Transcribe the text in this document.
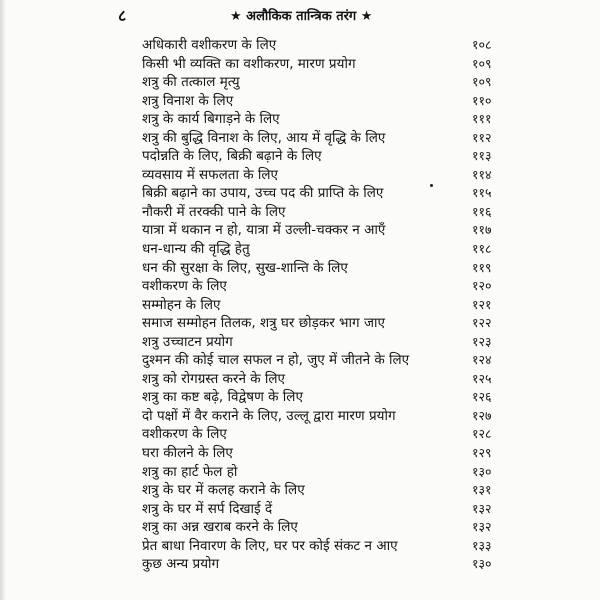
८	★ अलौकिक तान्त्रिक तरंग ★
अधिकारी वशीकरण के लिए	१०८
किसी भी व्यक्ति का वशीकरण, मारण प्रयोग	१०९
शत्रु की तत्काल मृत्यु	१०९
शत्रु विनाश के लिए	११०
शत्रु के कार्य बिगाड़ने के लिए	१११
शत्रु की बुद्धि विनाश के लिए, आय में वृद्धि के लिए	११२
पदोन्नति के लिए, बिक्री बढ़ाने के लिए	११३
व्यवसाय में सफलता के लिए	११४
बिक्री बढ़ाने का उपाय, उच्च पद की प्राप्ति के लिए	११५
नौकरी में तरक्की पाने के लिए	११६
यात्रा में थकान न हो, यात्रा में उल्ली-चक्कर न आएँ	११७
धन-धान्य की वृद्धि हेतु	११८
धन की सुरक्षा के लिए, सुख-शान्ति के लिए	११९
वशीकरण के लिए	१२०
सम्मोहन के लिए	१२१
समाज सम्मोहन तिलक, शत्रु घर छोड़कर भाग जाए	१२२
शत्रु उच्चाटन प्रयोग	१२३
दुश्मन की कोई चाल सफल न हो, जुए में जीतने के लिए	१२४
शत्रु को रोगग्रस्त करने के लिए	१२५
शत्रु का कष्ट बढ़े, विद्वेषण के लिए	१२६
दो पक्षों में वैर कराने के लिए, उल्लू द्वारा मारण प्रयोग	१२७
वशीकरण के लिए	१२८
घरा कीलने के लिए	१२९
शत्रु का हार्ट फेल हो	१३०
शत्रु के घर में कलह कराने के लिए	१३१
शत्रु के घर में सर्प दिखाई दें	१३२
शत्रु का अन्न खराब करने के लिए	१३२
प्रेत बाधा निवारण के लिए, घर पर कोई संकट न आए	१३३
कुछ अन्य प्रयोग	१३०
